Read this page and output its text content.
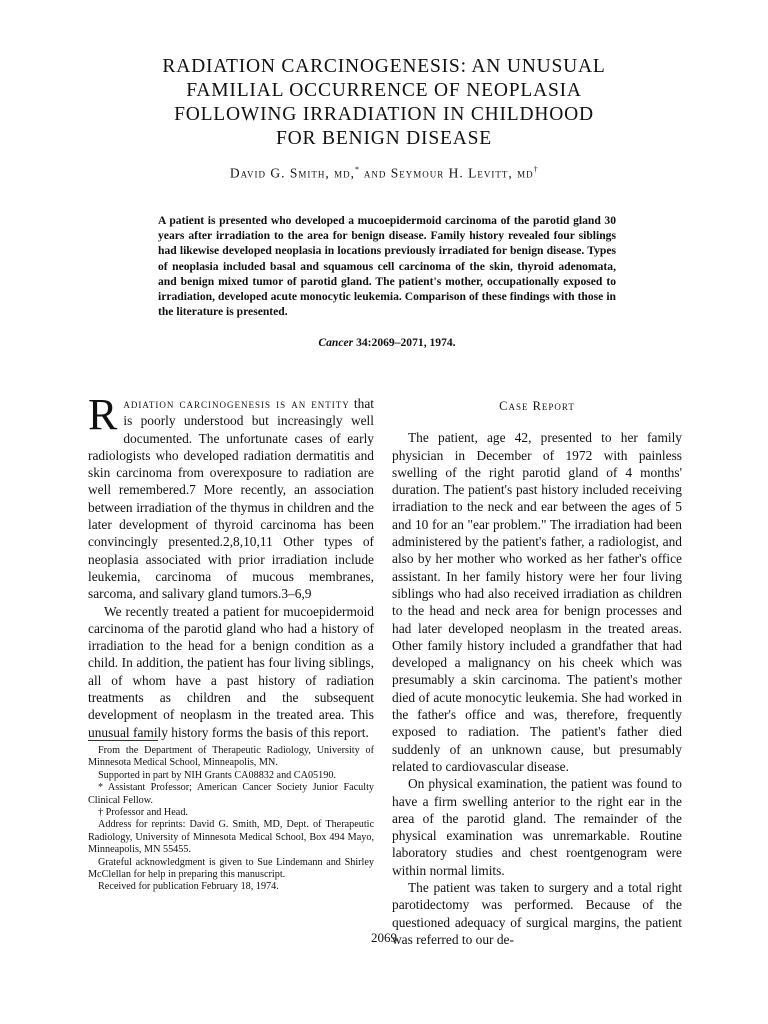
RADIATION CARCINOGENESIS: AN UNUSUAL
FAMILIAL OCCURRENCE OF NEOPLASIA
FOLLOWING IRRADIATION IN CHILDHOOD
FOR BENIGN DISEASE
David G. Smith, md,* and Seymour H. Levitt, md†
A patient is presented who developed a mucoepidermoid carcinoma of the parotid gland 30 years after irradiation to the area for benign disease. Family history revealed four siblings had likewise developed neoplasia in locations previously irradiated for benign disease. Types of neoplasia included basal and squamous cell carcinoma of the skin, thyroid adenomata, and benign mixed tumor of parotid gland. The patient's mother, occupationally exposed to irradiation, developed acute monocytic leukemia. Comparison of these findings with those in the literature is presented.
Cancer 34:2069–2071, 1974.

Radiation carcinogenesis is an entity that is poorly understood but increasingly well documented. The unfortunate cases of early radiologists who developed radiation dermatitis and skin carcinoma from overexposure to radiation are well remembered.7 More recently, an association between irradiation of the thymus in children and the later development of thyroid carcinoma has been convincingly presented.2,8,10,11 Other types of neoplasia associated with prior irradiation include leukemia, carcinoma of mucous membranes, sarcoma, and salivary gland tumors.3–6,9

We recently treated a patient for mucoepidermoid carcinoma of the parotid gland who had a history of irradiation to the head for a benign condition as a child. In addition, the patient has four living siblings, all of whom have a past history of radiation treatments as children and the subsequent development of neoplasm in the treated area. This unusual family history forms the basis of this report.

From the Department of Therapeutic Radiology, University of Minnesota Medical School, Minneapolis, MN.

Supported in part by NIH Grants CA08832 and CA05190.

* Assistant Professor; American Cancer Society Junior Faculty Clinical Fellow.

† Professor and Head.

Address for reprints: David G. Smith, MD, Dept. of Therapeutic Radiology, University of Minnesota Medical School, Box 494 Mayo, Minneapolis, MN 55455.

Grateful acknowledgment is given to Sue Lindemann and Shirley McClellan for help in preparing this manuscript.

Received for publication February 18, 1974.

Case Report

The patient, age 42, presented to her family physician in December of 1972 with painless swelling of the right parotid gland of 4 months' duration. The patient's past history included receiving irradiation to the neck and ear between the ages of 5 and 10 for an "ear problem." The irradiation had been administered by the patient's father, a radiologist, and also by her mother who worked as her father's office assistant. In her family history were her four living siblings who had also received irradiation as children to the head and neck area for benign processes and had later developed neoplasm in the treated areas. Other family history included a grandfather that had developed a malignancy on his cheek which was presumably a skin carcinoma. The patient's mother died of acute monocytic leukemia. She had worked in the father's office and was, therefore, frequently exposed to radiation. The patient's father died suddenly of an unknown cause, but presumably related to cardiovascular disease.

On physical examination, the patient was found to have a firm swelling anterior to the right ear in the area of the parotid gland. The remainder of the physical examination was unremarkable. Routine laboratory studies and chest roentgenogram were within normal limits.

The patient was taken to surgery and a total right parotidectomy was performed. Because of the questioned adequacy of surgical margins, the patient was referred to our de-

2069
